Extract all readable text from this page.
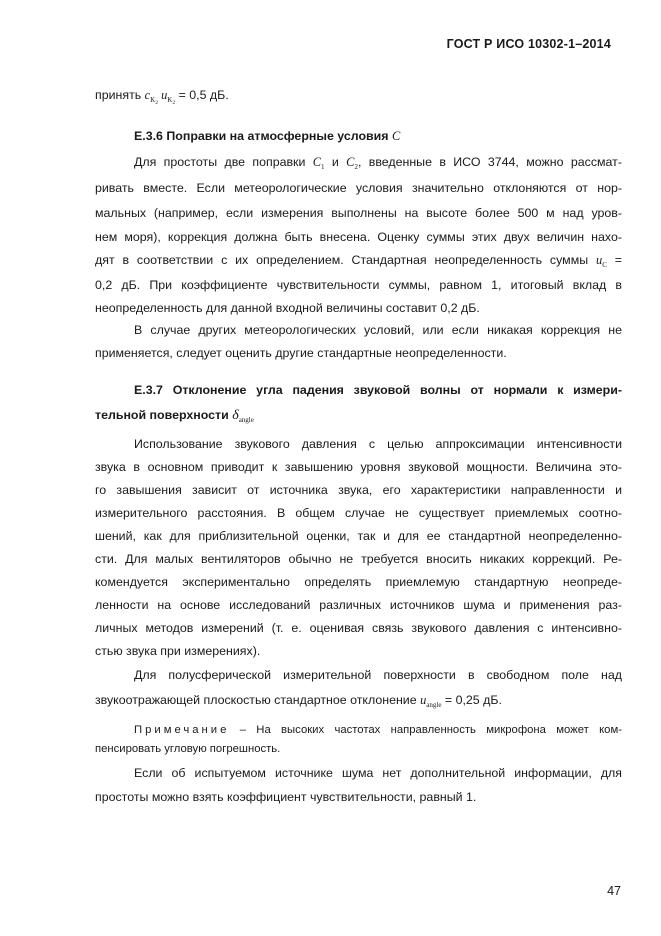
ГОСТ Р ИСО 10302-1–2014
принять $c_{K_2}$ $u_{K_2} = 0,5$ дБ.
Е.3.6 Поправки на атмосферные условия C
Для простоты две поправки $C_1$ и $C_2$, введенные в ИСО 3744, можно рассмат-
ривать вместе. Если метеорологические условия значительно отклоняются от нор-
мальных (например, если измерения выполнены на высоте более 500 м над уров-
нем моря), коррекция должна быть внесена. Оценку суммы этих двух величин нахо-
дят в соответствии с их определением. Стандартная неопределенность суммы $u_C$ =
0,2 дБ. При коэффициенте чувствительности суммы, равном 1, итоговый вклад в
неопределенность для данной входной величины составит 0,2 дБ.
В случае других метеорологических условий, или если никакая коррекция не
применяется, следует оценить другие стандартные неопределенности.
Е.3.7 Отклонение угла падения звуковой волны от нормали к измери-
тельной поверхности $\delta_{angle}$
Использование звукового давления с целью аппроксимации интенсивности
звука в основном приводит к завышению уровня звуковой мощности. Величина это-
го завышения зависит от источника звука, его характеристики направленности и
измерительного расстояния. В общем случае не существует приемлемых соотно-
шений, как для приблизительной оценки, так и для ее стандартной неопределенно-
сти. Для малых вентиляторов обычно не требуется вносить никаких коррекций. Ре-
комендуется экспериментально определять приемлемую стандартную неопреде-
ленности на основе исследований различных источников шума и применения раз-
личных методов измерений (т. е. оценивая связь звукового давления с интенсивно-
стью звука при измерениях).
Для полусферической измерительной поверхности в свободном поле над
звукоотражающей плоскостью стандартное отклонение $u_{angle} = 0,25$ дБ.
Примечание – На высоких частотах направленность микрофона может ком-
пенсировать угловую погрешность.
Если об испытуемом источнике шума нет дополнительной информации, для
простоты можно взять коэффициент чувствительности, равный 1.
47
